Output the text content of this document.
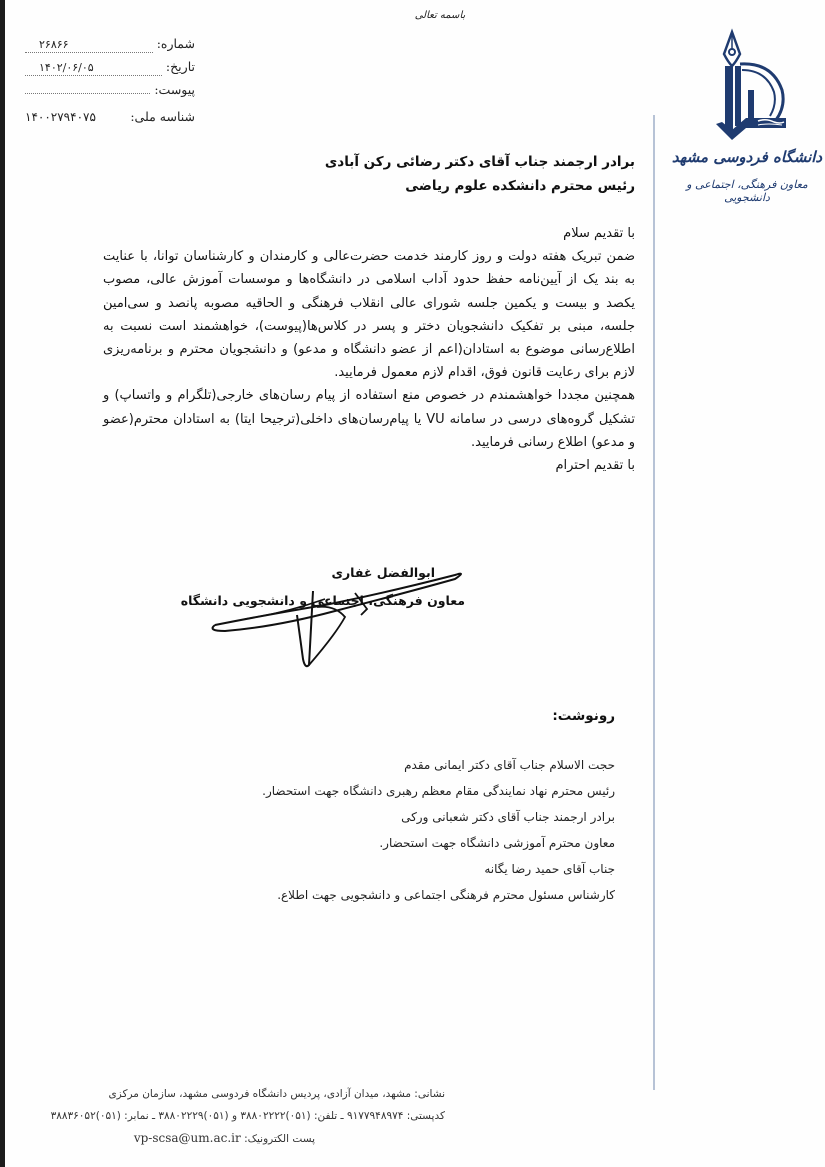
باسمه تعالی
شماره:
۲۶۸۶۶
تاریخ:
۱۴۰۲/۰۶/۰۵
پیوست:
شناسه ملی:
۱۴۰۰۲۷۹۴۰۷۵
دانشگاه فردوسی مشهد
معاون فرهنگی، اجتماعی و دانشجویی
برادر ارجمند جناب آقای دکتر رضائی رکن آبادی
رئیس محترم دانشکده علوم ریاضی

با تقدیم سلام

ضمن تبریک هفته دولت و روز کارمند خدمت حضرت‌عالی و کارمندان و کارشناسان توانا، با عنایت به بند یک از آیین‌نامه حفظ حدود آداب اسلامی در دانشگاه‌ها و موسسات آموزش عالی، مصوب یکصد و بیست و یکمین جلسه شورای عالی انقلاب فرهنگی و الحاقیه مصوبه پانصد و سی‌امین جلسه، مبنی بر تفکیک دانشجویان دختر و پسر در کلاس‌ها(پیوست)، خواهشمند است نسبت به اطلاع‌رسانی موضوع به استادان(اعم از عضو دانشگاه و مدعو) و دانشجویان محترم و برنامه‌ریزی لازم برای رعایت قانون فوق، اقدام لازم معمول فرمایید.

همچنین مجددا خواهشمندم در خصوص منع استفاده از پیام رسان‌های خارجی(تلگرام و واتساپ) و تشکیل گروه‌های درسی در سامانه VU یا پیام‌رسان‌های داخلی(ترجیحا ایتا) به استادان محترم(عضو و مدعو) اطلاع رسانی فرمایید.

با تقدیم احترام

ابوالفضل غفاری
معاون فرهنگی، اجتماعی و دانشجویی دانشگاه
رونوشت:
حجت الاسلام جناب آقای دکتر ایمانی مقدم
رئیس محترم نهاد نمایندگی مقام معظم رهبری دانشگاه جهت استحضار.
برادر ارجمند جناب آقای دکتر شعبانی ورکی
معاون محترم آموزشی دانشگاه جهت استحضار.
جناب آقای حمید رضا یگانه
کارشناس مسئول محترم فرهنگی اجتماعی و دانشجویی جهت اطلاع.
نشانی: مشهد، میدان آزادی، پردیس دانشگاه فردوسی مشهد، سازمان مرکزی
کدپستی: ۹۱۷۷۹۴۸۹۷۴ ـ تلفن: (۰۵۱)۳۸۸۰۲۲۲۲ و (۰۵۱)۳۸۸۰۲۲۲۹ ـ نمابر: (۰۵۱)۳۸۸۳۶۰۵۲
پست الکترونیک: vp-scsa@um.ac.ir
